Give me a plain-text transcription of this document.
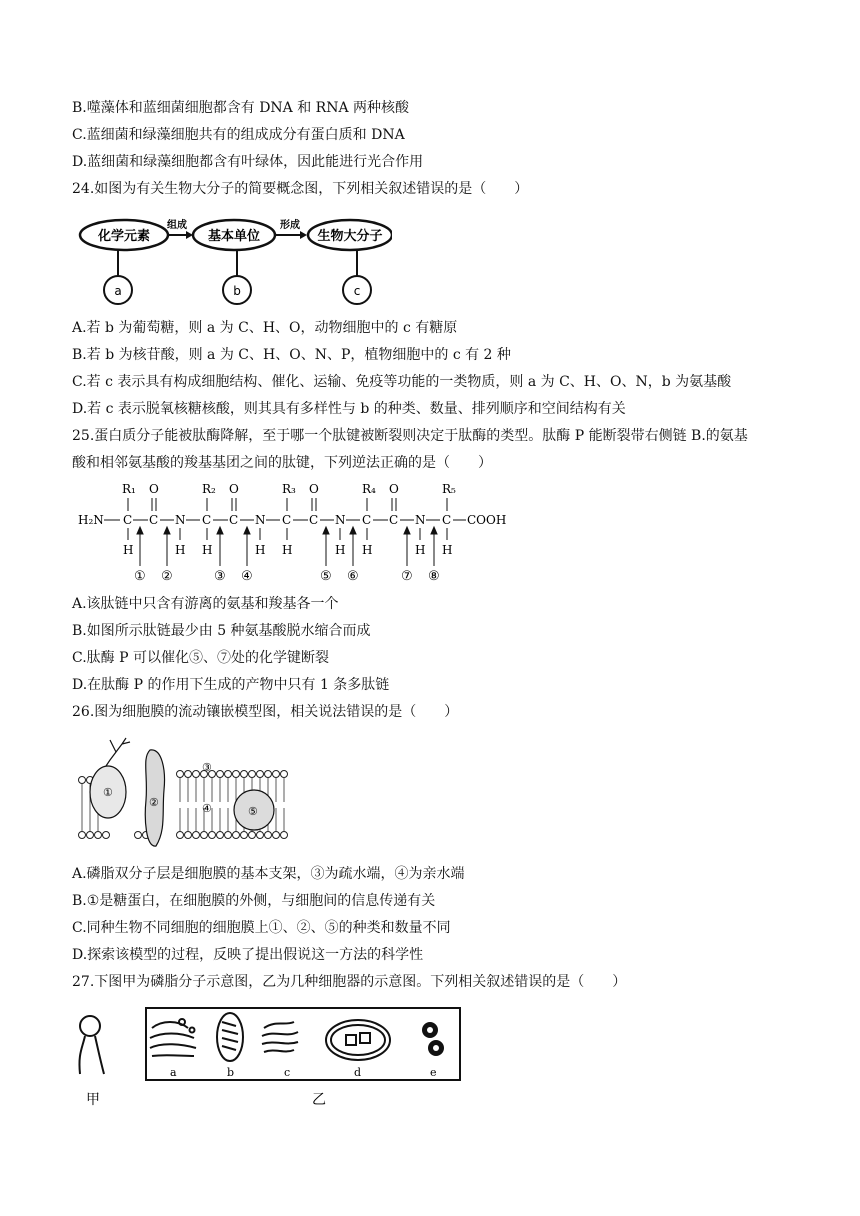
B.噬藻体和蓝细菌细胞都含有 DNA 和 RNA 两种核酸
C.蓝细菌和绿藻细胞共有的组成成分有蛋白质和 DNA
D.蓝细菌和绿藻细胞都含有叶绿体，因此能进行光合作用
24.如图为有关生物大分子的简要概念图，下列相关叙述错误的是（　　）
化学元素
组成
基本单位
形成
生物大分子
a	b	c
A.若 b 为葡萄糖，则 a 为 C、H、O，动物细胞中的 c 有糖原
B.若 b 为核苷酸，则 a 为 C、H、O、N、P，植物细胞中的 c 有 2 种
C.若 c 表示具有构成细胞结构、催化、运输、免疫等功能的一类物质，则 a 为 C、H、O、N，b 为氨基酸
D.若 c 表示脱氧核糖核酸，则其具有多样性与 b 的种类、数量、排列顺序和空间结构有关
25.蛋白质分子能被肽酶降解，至于哪一个肽键被断裂则决定于肽酶的类型。肽酶 P 能断裂带右侧链 B.的氨基
酸和相邻氨基酸的羧基基团之间的肽键，下列逆法正确的是（　　）
H₂N
R₁
C
H
O
C N
H
R₂
C
H
O
C N
H
R₃
C
H
O
C N
H
R₄
C
H
O
C N
H
R₅
C
H
COOH
① ②	③ ④	⑤ ⑥	⑦ ⑧
A.该肽链中只含有游离的氨基和羧基各一个
B.如图所示肽链最少由 5 种氨基酸脱水缩合而成
C.肽酶 P 可以催化⑤、⑦处的化学键断裂
D.在肽酶 P 的作用下生成的产物中只有 1 条多肽链
26.图为细胞膜的流动镶嵌模型图，相关说法错误的是（　　）
①
②
③
④	⑤
A.磷脂双分子层是细胞膜的基本支架，③为疏水端，④为亲水端
B.①是糖蛋白，在细胞膜的外侧，与细胞间的信息传递有关
C.同种生物不同细胞的细胞膜上①、②、⑤的种类和数量不同
D.探索该模型的过程，反映了提出假说这一方法的科学性
27.下图甲为磷脂分子示意图，乙为几种细胞器的示意图。下列相关叙述错误的是（　　）
甲
a	b	c	d	e
乙
